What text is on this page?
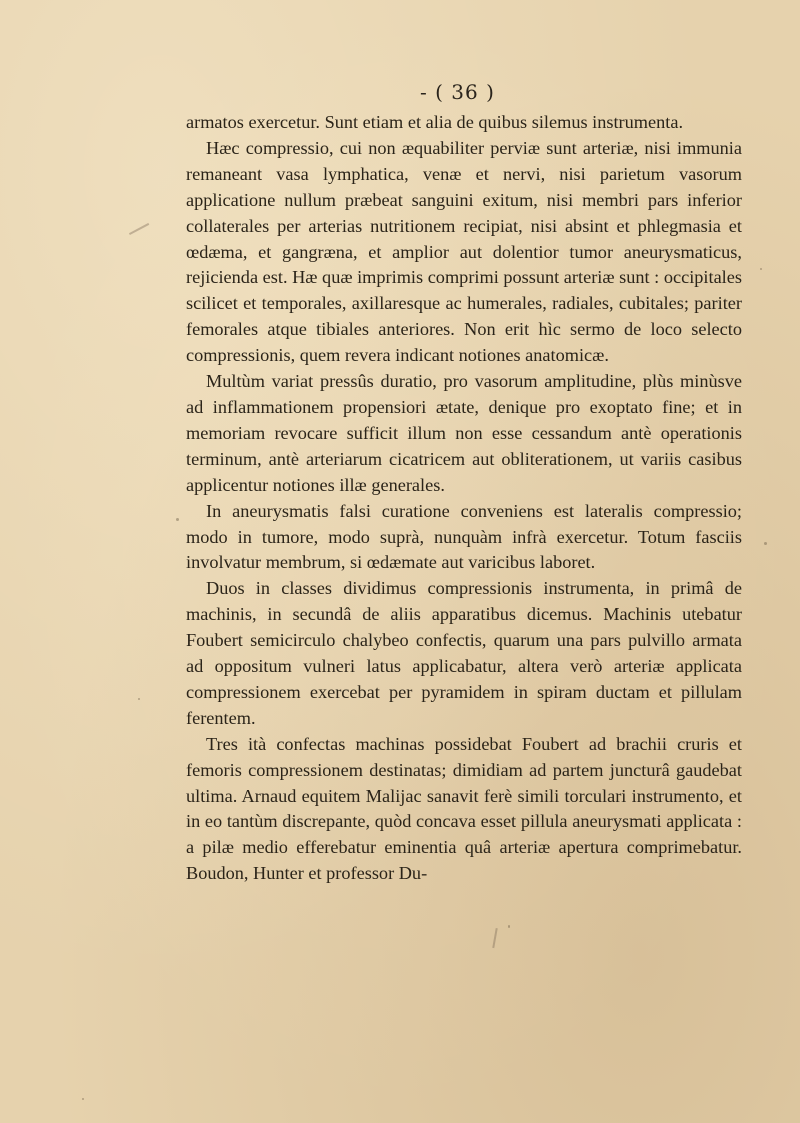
- ( 36 )

armatos exercetur. Sunt etiam et alia de quibus silemus instrumenta.

Hæc compressio, cui non æquabiliter perviæ sunt arteriæ, nisi immunia remaneant vasa lymphatica, venæ et nervi, nisi parietum vasorum applicatione nullum præbeat sanguini exitum, nisi membri pars inferior collaterales per arterias nutritionem recipiat, nisi absint et phlegmasia et œdæma, et gangræna, et amplior aut dolentior tumor aneurysmaticus, rejicienda est. Hæ quæ imprimis comprimi possunt arteriæ sunt : occipitales scilicet et temporales, axillaresque ac humerales, radiales, cubitales; pariter femorales atque tibiales anteriores. Non erit hìc sermo de loco selecto compressionis, quem revera indicant notiones anatomicæ.

Multùm variat pressûs duratio, pro vasorum amplitudine, plùs minùsve ad inflammationem propensiori ætate, denique pro exoptato fine; et in memoriam revocare sufficit illum non esse cessandum antè operationis terminum, antè arteriarum cicatricem aut obliterationem, ut variis casibus applicentur notiones illæ generales.

In aneurysmatis falsi curatione conveniens est lateralis compressio; modo in tumore, modo suprà, nunquàm infrà exercetur. Totum fasciis involvatur membrum, si œdæmate aut varicibus laboret.

Duos in classes dividimus compressionis instrumenta, in primâ de machinis, in secundâ de aliis apparatibus dicemus. Machinis utebatur Foubert semicirculo chalybeo confectis, quarum una pars pulvillo armata ad oppositum vulneri latus applicabatur, altera verò arteriæ applicata compressionem exercebat per pyramidem in spiram ductam et pillulam ferentem.

Tres ità confectas machinas possidebat Foubert ad brachii cruris et femoris compressionem destinatas; dimidiam ad partem juncturâ gaudebat ultima. Arnaud equitem Malijac sanavit ferè simili torculari instrumento, et in eo tantùm discrepante, quòd concava esset pillula aneurysmati applicata : a pilæ medio efferebatur eminentia quâ arteriæ apertura comprimebatur. Boudon, Hunter et professor Du-
